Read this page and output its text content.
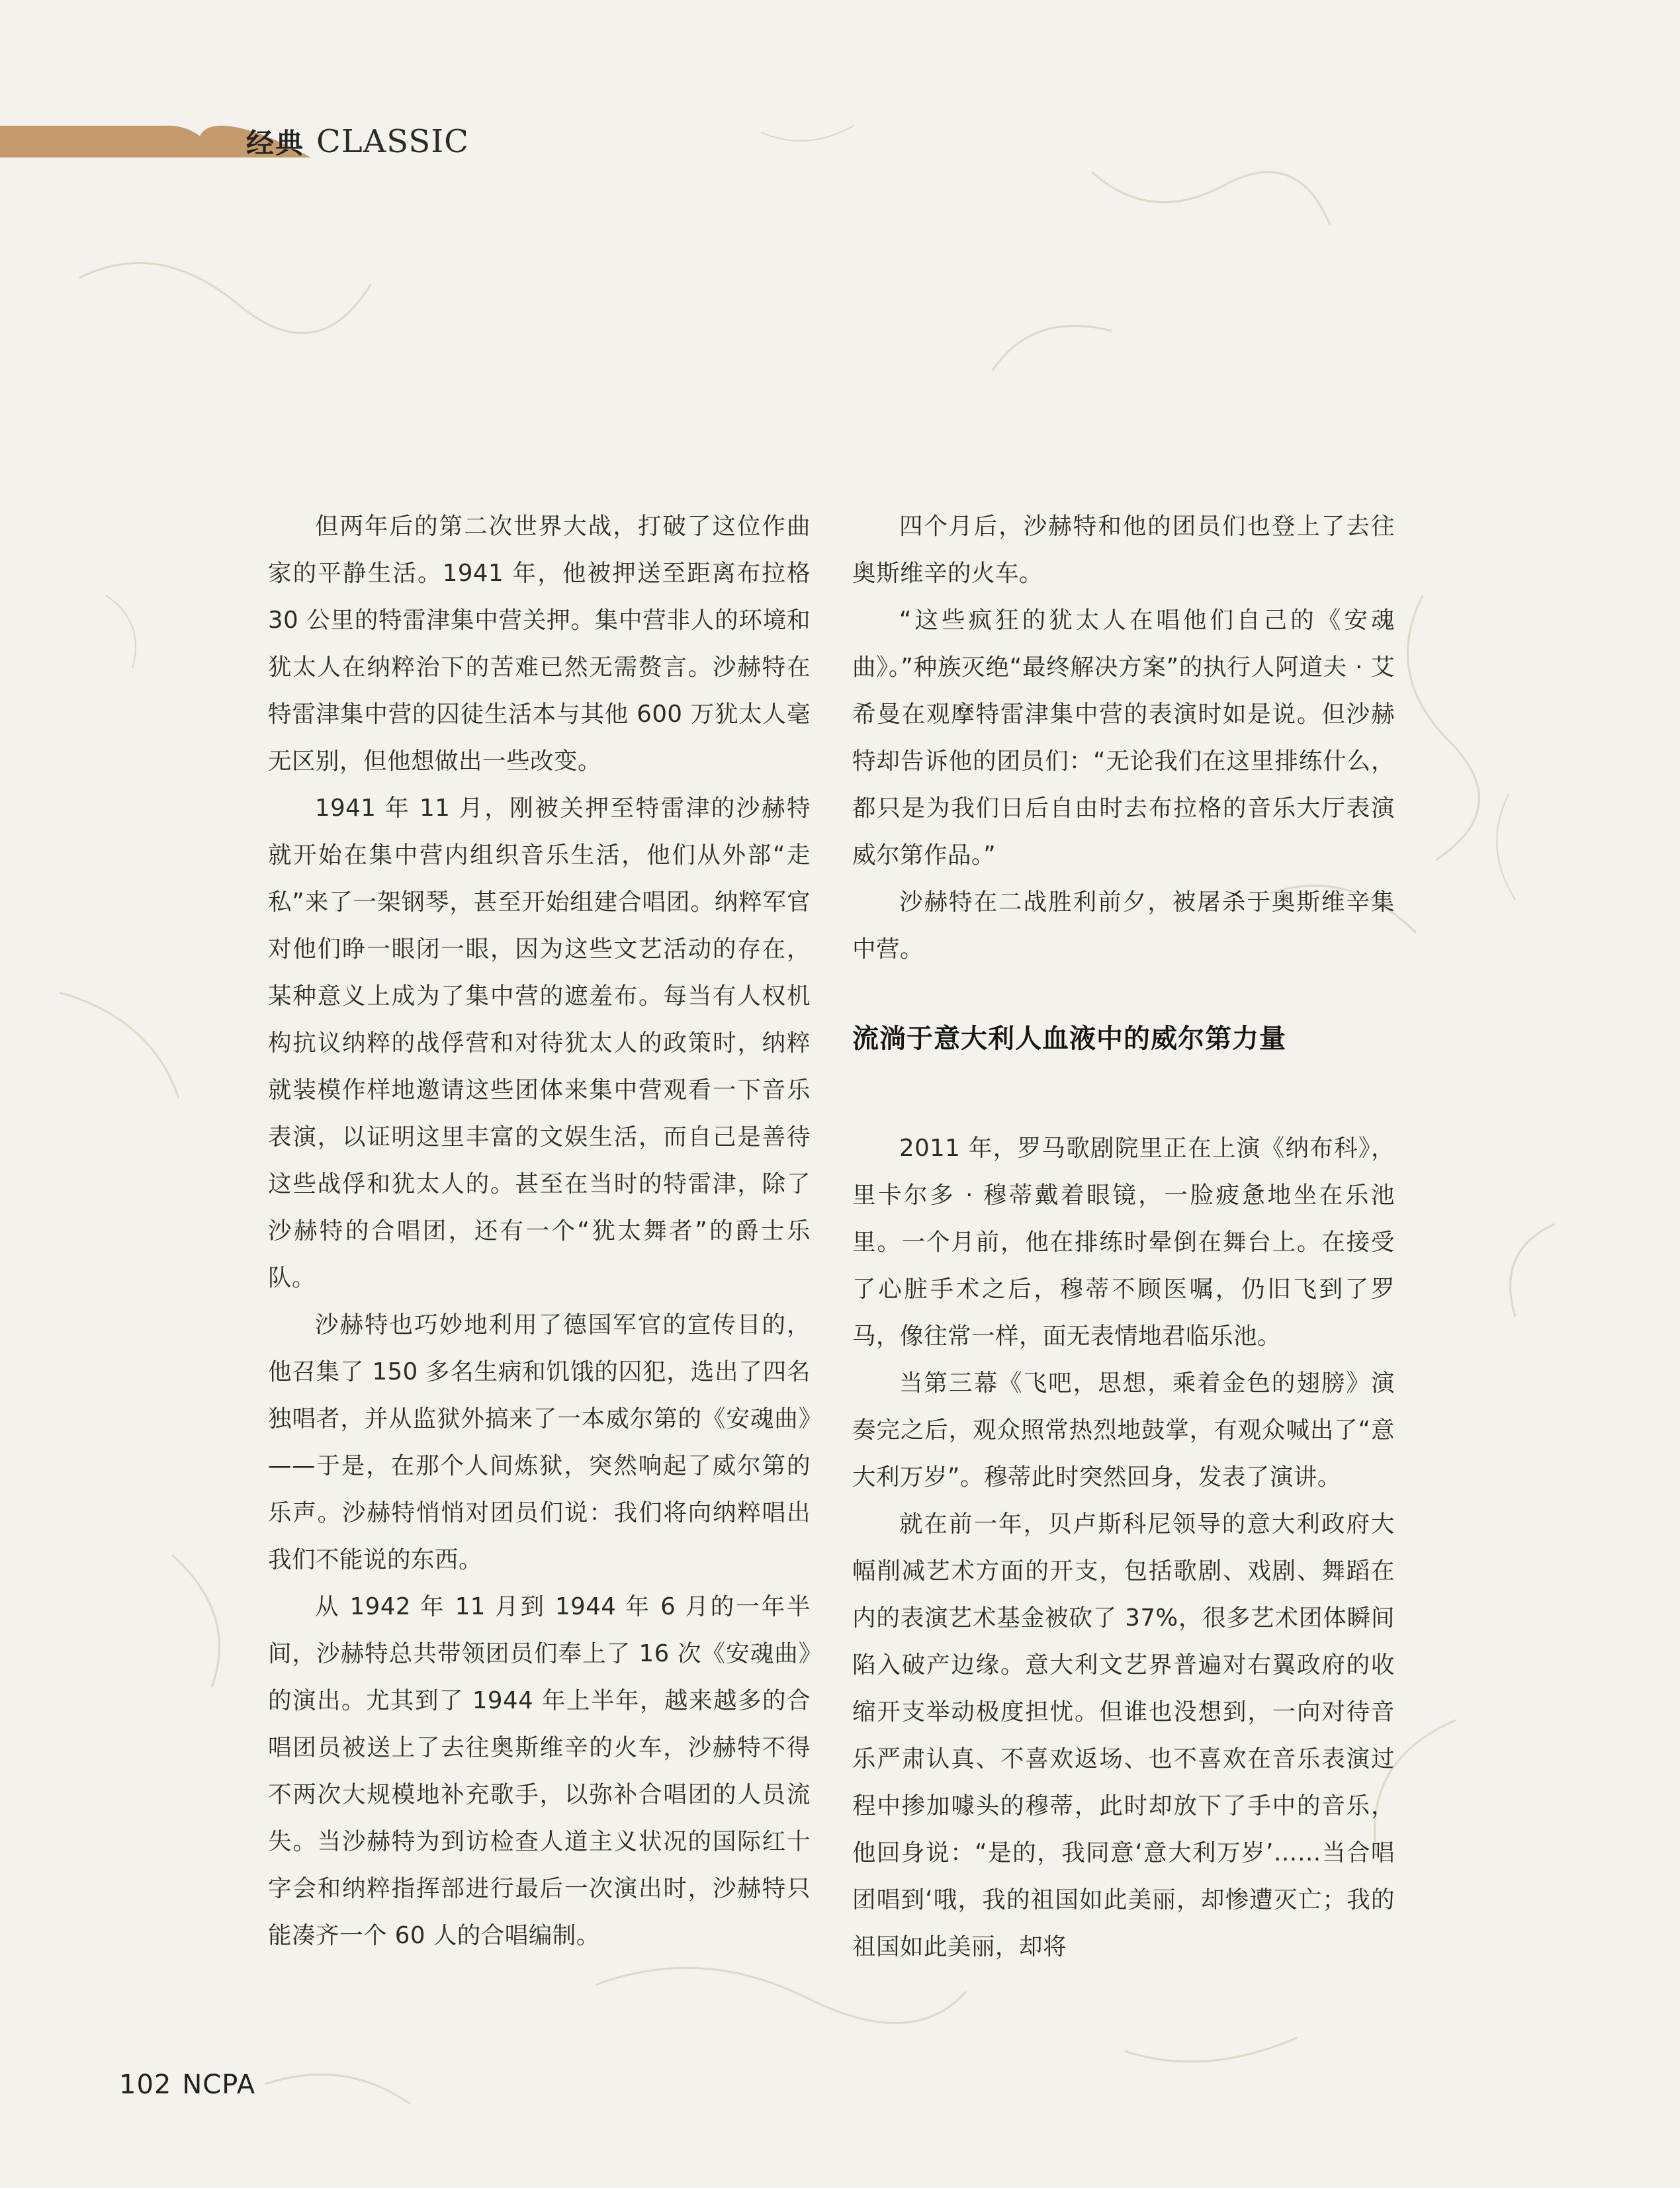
经典 CLASSIC

但两年后的第二次世界大战，打破了这位作曲家的平静生活。1941 年，他被押送至距离布拉格 30 公里的特雷津集中营关押。集中营非人的环境和犹太人在纳粹治下的苦难已然无需赘言。沙赫特在特雷津集中营的囚徒生活本与其他 600 万犹太人毫无区别，但他想做出一些改变。

1941 年 11 月，刚被关押至特雷津的沙赫特就开始在集中营内组织音乐生活，他们从外部“走私”来了一架钢琴，甚至开始组建合唱团。纳粹军官对他们睁一眼闭一眼，因为这些文艺活动的存在，某种意义上成为了集中营的遮羞布。每当有人权机构抗议纳粹的战俘营和对待犹太人的政策时，纳粹就装模作样地邀请这些团体来集中营观看一下音乐表演，以证明这里丰富的文娱生活，而自己是善待这些战俘和犹太人的。甚至在当时的特雷津，除了沙赫特的合唱团，还有一个“犹太舞者”的爵士乐队。

沙赫特也巧妙地利用了德国军官的宣传目的，他召集了 150 多名生病和饥饿的囚犯，选出了四名独唱者，并从监狱外搞来了一本威尔第的《安魂曲》——于是，在那个人间炼狱，突然响起了威尔第的乐声。沙赫特悄悄对团员们说：我们将向纳粹唱出我们不能说的东西。

从 1942 年 11 月到 1944 年 6 月的一年半间，沙赫特总共带领团员们奉上了 16 次《安魂曲》的演出。尤其到了 1944 年上半年，越来越多的合唱团员被送上了去往奥斯维辛的火车，沙赫特不得不两次大规模地补充歌手，以弥补合唱团的人员流失。当沙赫特为到访检查人道主义状况的国际红十字会和纳粹指挥部进行最后一次演出时，沙赫特只能凑齐一个 60 人的合唱编制。

四个月后，沙赫特和他的团员们也登上了去往奥斯维辛的火车。

“这些疯狂的犹太人在唱他们自己的《安魂曲》。”种族灭绝“最终解决方案”的执行人阿道夫 · 艾希曼在观摩特雷津集中营的表演时如是说。但沙赫特却告诉他的团员们：“无论我们在这里排练什么，都只是为我们日后自由时去布拉格的音乐大厅表演威尔第作品。”

沙赫特在二战胜利前夕，被屠杀于奥斯维辛集中营。

流淌于意大利人血液中的威尔第力量

2011 年，罗马歌剧院里正在上演《纳布科》，里卡尔多 · 穆蒂戴着眼镜，一脸疲惫地坐在乐池里。一个月前，他在排练时晕倒在舞台上。在接受了心脏手术之后，穆蒂不顾医嘱，仍旧飞到了罗马，像往常一样，面无表情地君临乐池。

当第三幕《飞吧，思想，乘着金色的翅膀》演奏完之后，观众照常热烈地鼓掌，有观众喊出了“意大利万岁”。穆蒂此时突然回身，发表了演讲。

就在前一年，贝卢斯科尼领导的意大利政府大幅削减艺术方面的开支，包括歌剧、戏剧、舞蹈在内的表演艺术基金被砍了 37%，很多艺术团体瞬间陷入破产边缘。意大利文艺界普遍对右翼政府的收缩开支举动极度担忧。但谁也没想到，一向对待音乐严肃认真、不喜欢返场、也不喜欢在音乐表演过程中掺加噱头的穆蒂，此时却放下了手中的音乐，他回身说：“是的，我同意‘意大利万岁’……当合唱团唱到‘哦，我的祖国如此美丽，却惨遭灭亡；我的祖国如此美丽，却将

102 NCPA
